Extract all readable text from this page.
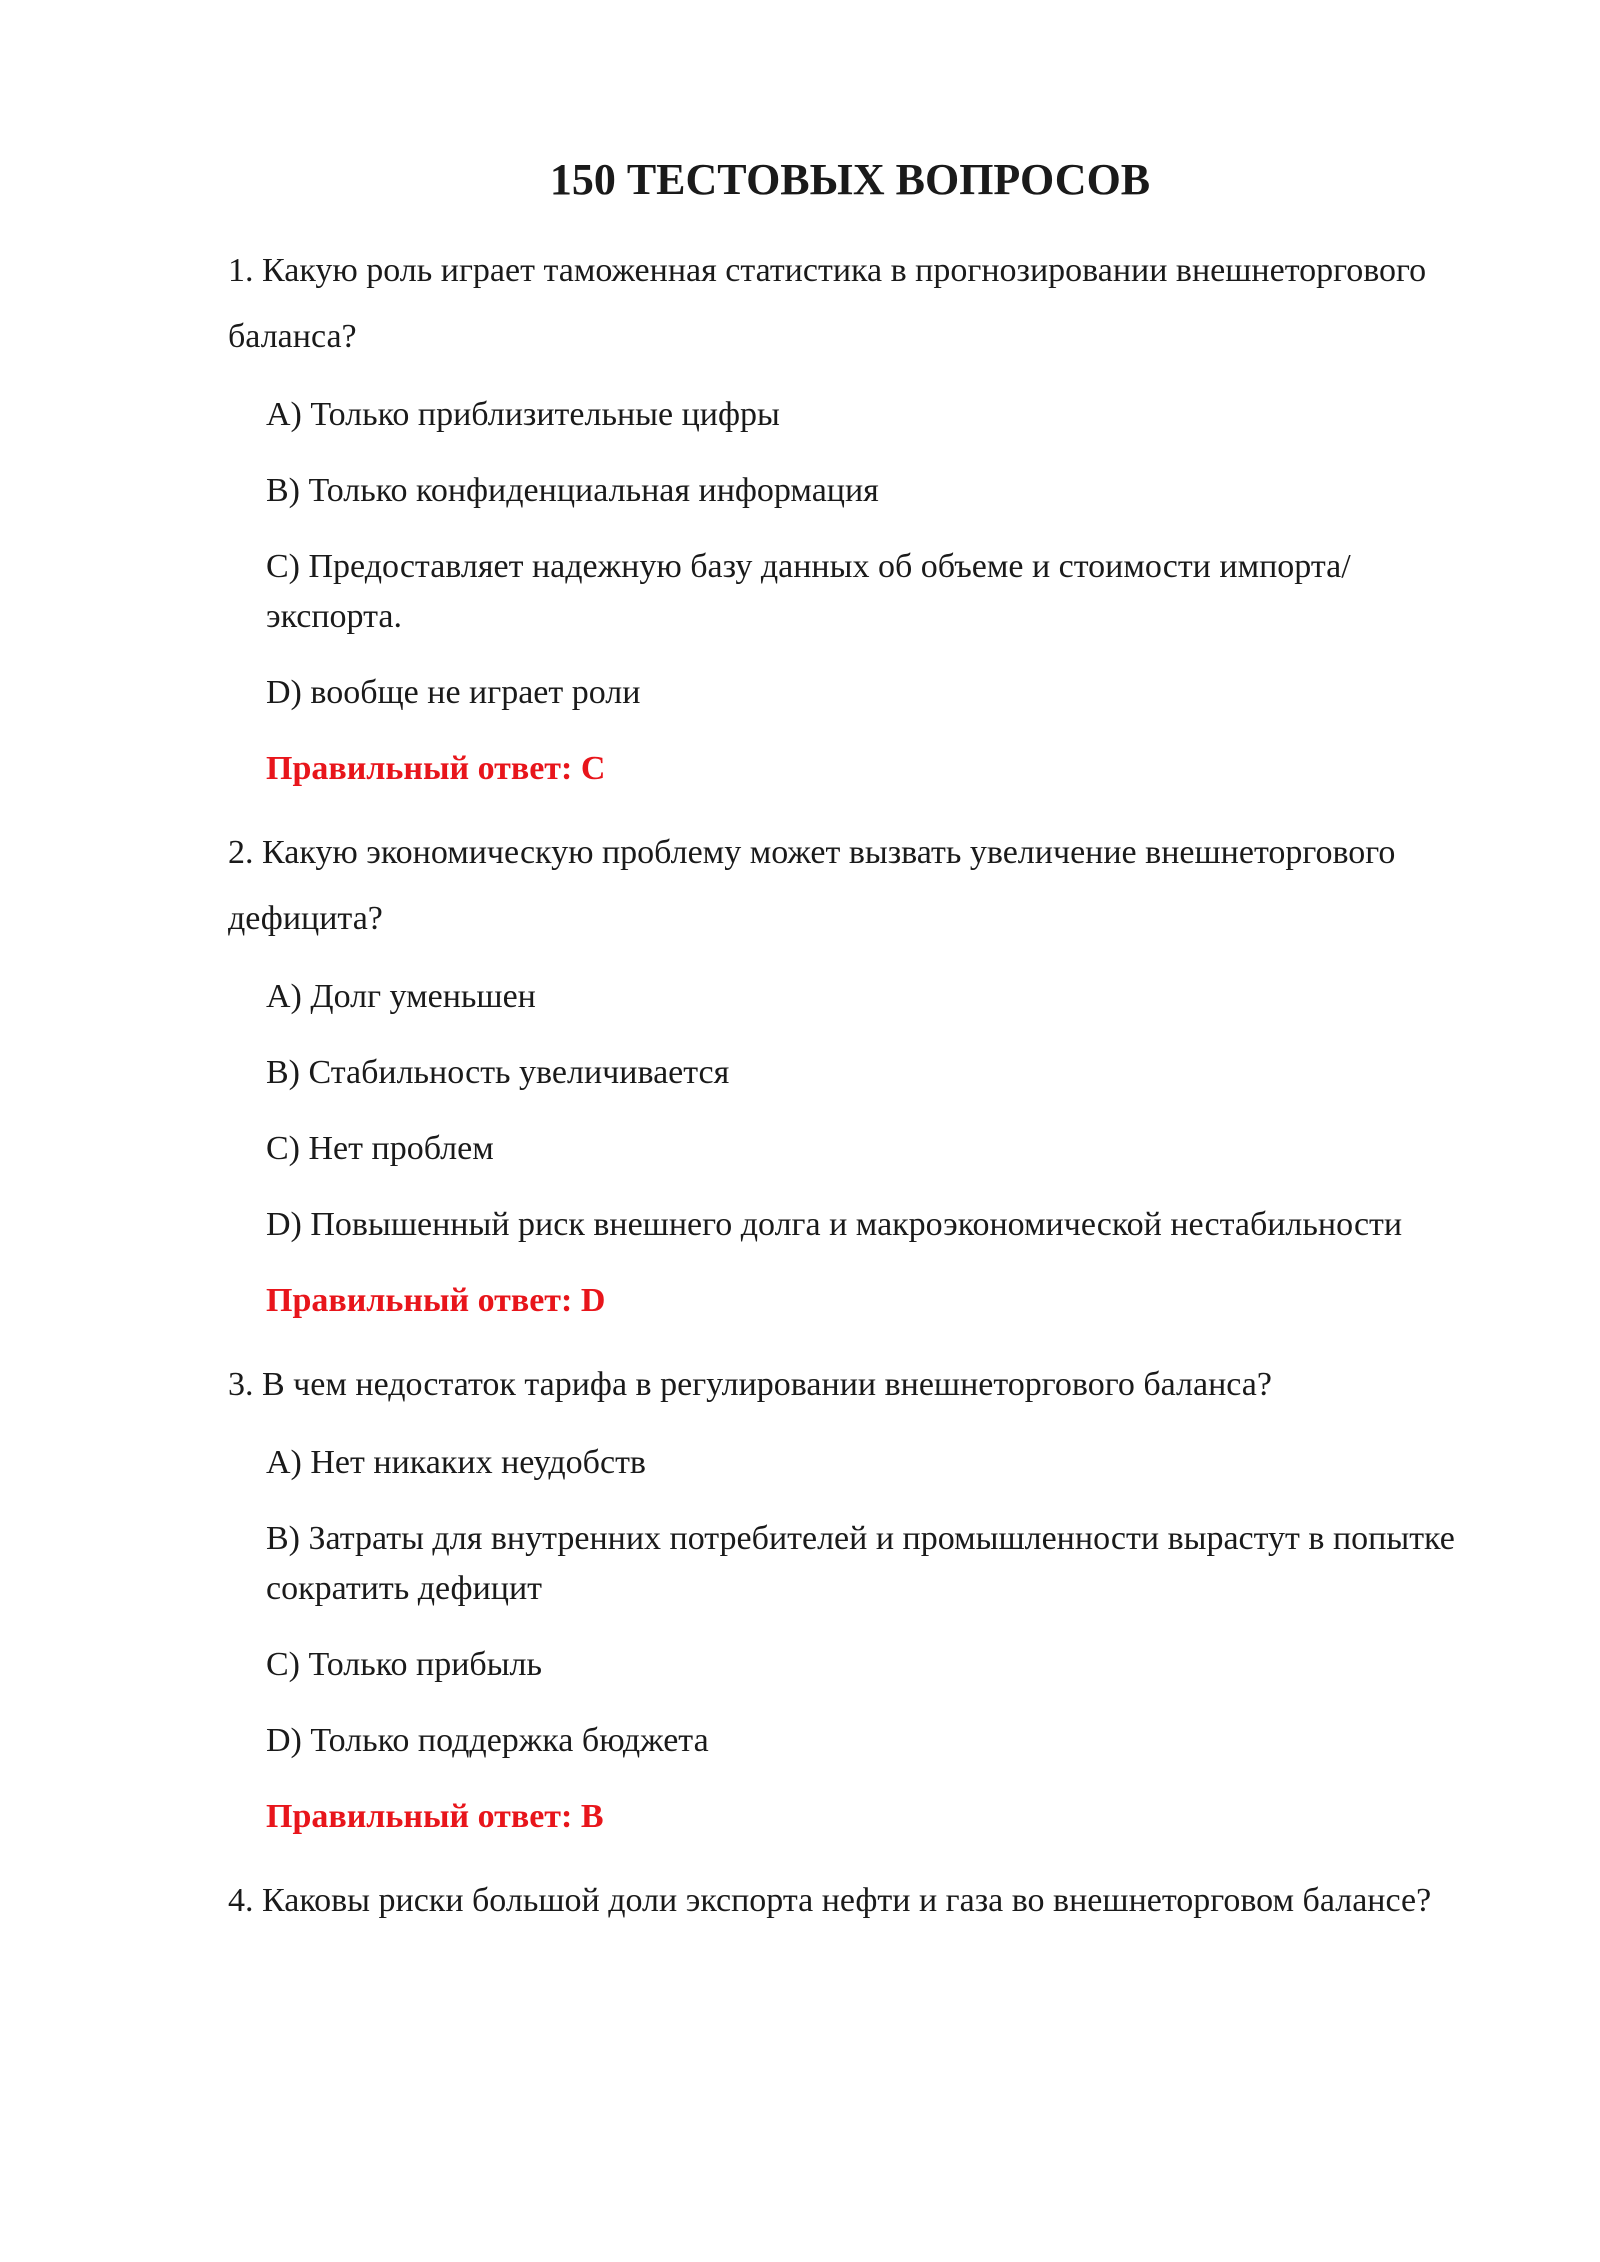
150 ТЕСТОВЫХ ВОПРОСОВ

1. Какую роль играет таможенная статистика в прогнозировании внешнеторгового баланса?

A) Только приблизительные цифры

B) Только конфиденциальная информация

C) Предоставляет надежную базу данных об объеме и стоимости импорта/экспорта.

D) вообще не играет роли

Правильный ответ: C

2. Какую экономическую проблему может вызвать увеличение внешнеторгового дефицита?

A) Долг уменьшен

B) Стабильность увеличивается

C) Нет проблем

D) Повышенный риск внешнего долга и макроэкономической нестабильности

Правильный ответ: D

3. В чем недостаток тарифа в регулировании внешнеторгового баланса?

A) Нет никаких неудобств

B) Затраты для внутренних потребителей и промышленности вырастут в попытке сократить дефицит

C) Только прибыль

D) Только поддержка бюджета

Правильный ответ: B

4. Каковы риски большой доли экспорта нефти и газа во внешнеторговом балансе?
